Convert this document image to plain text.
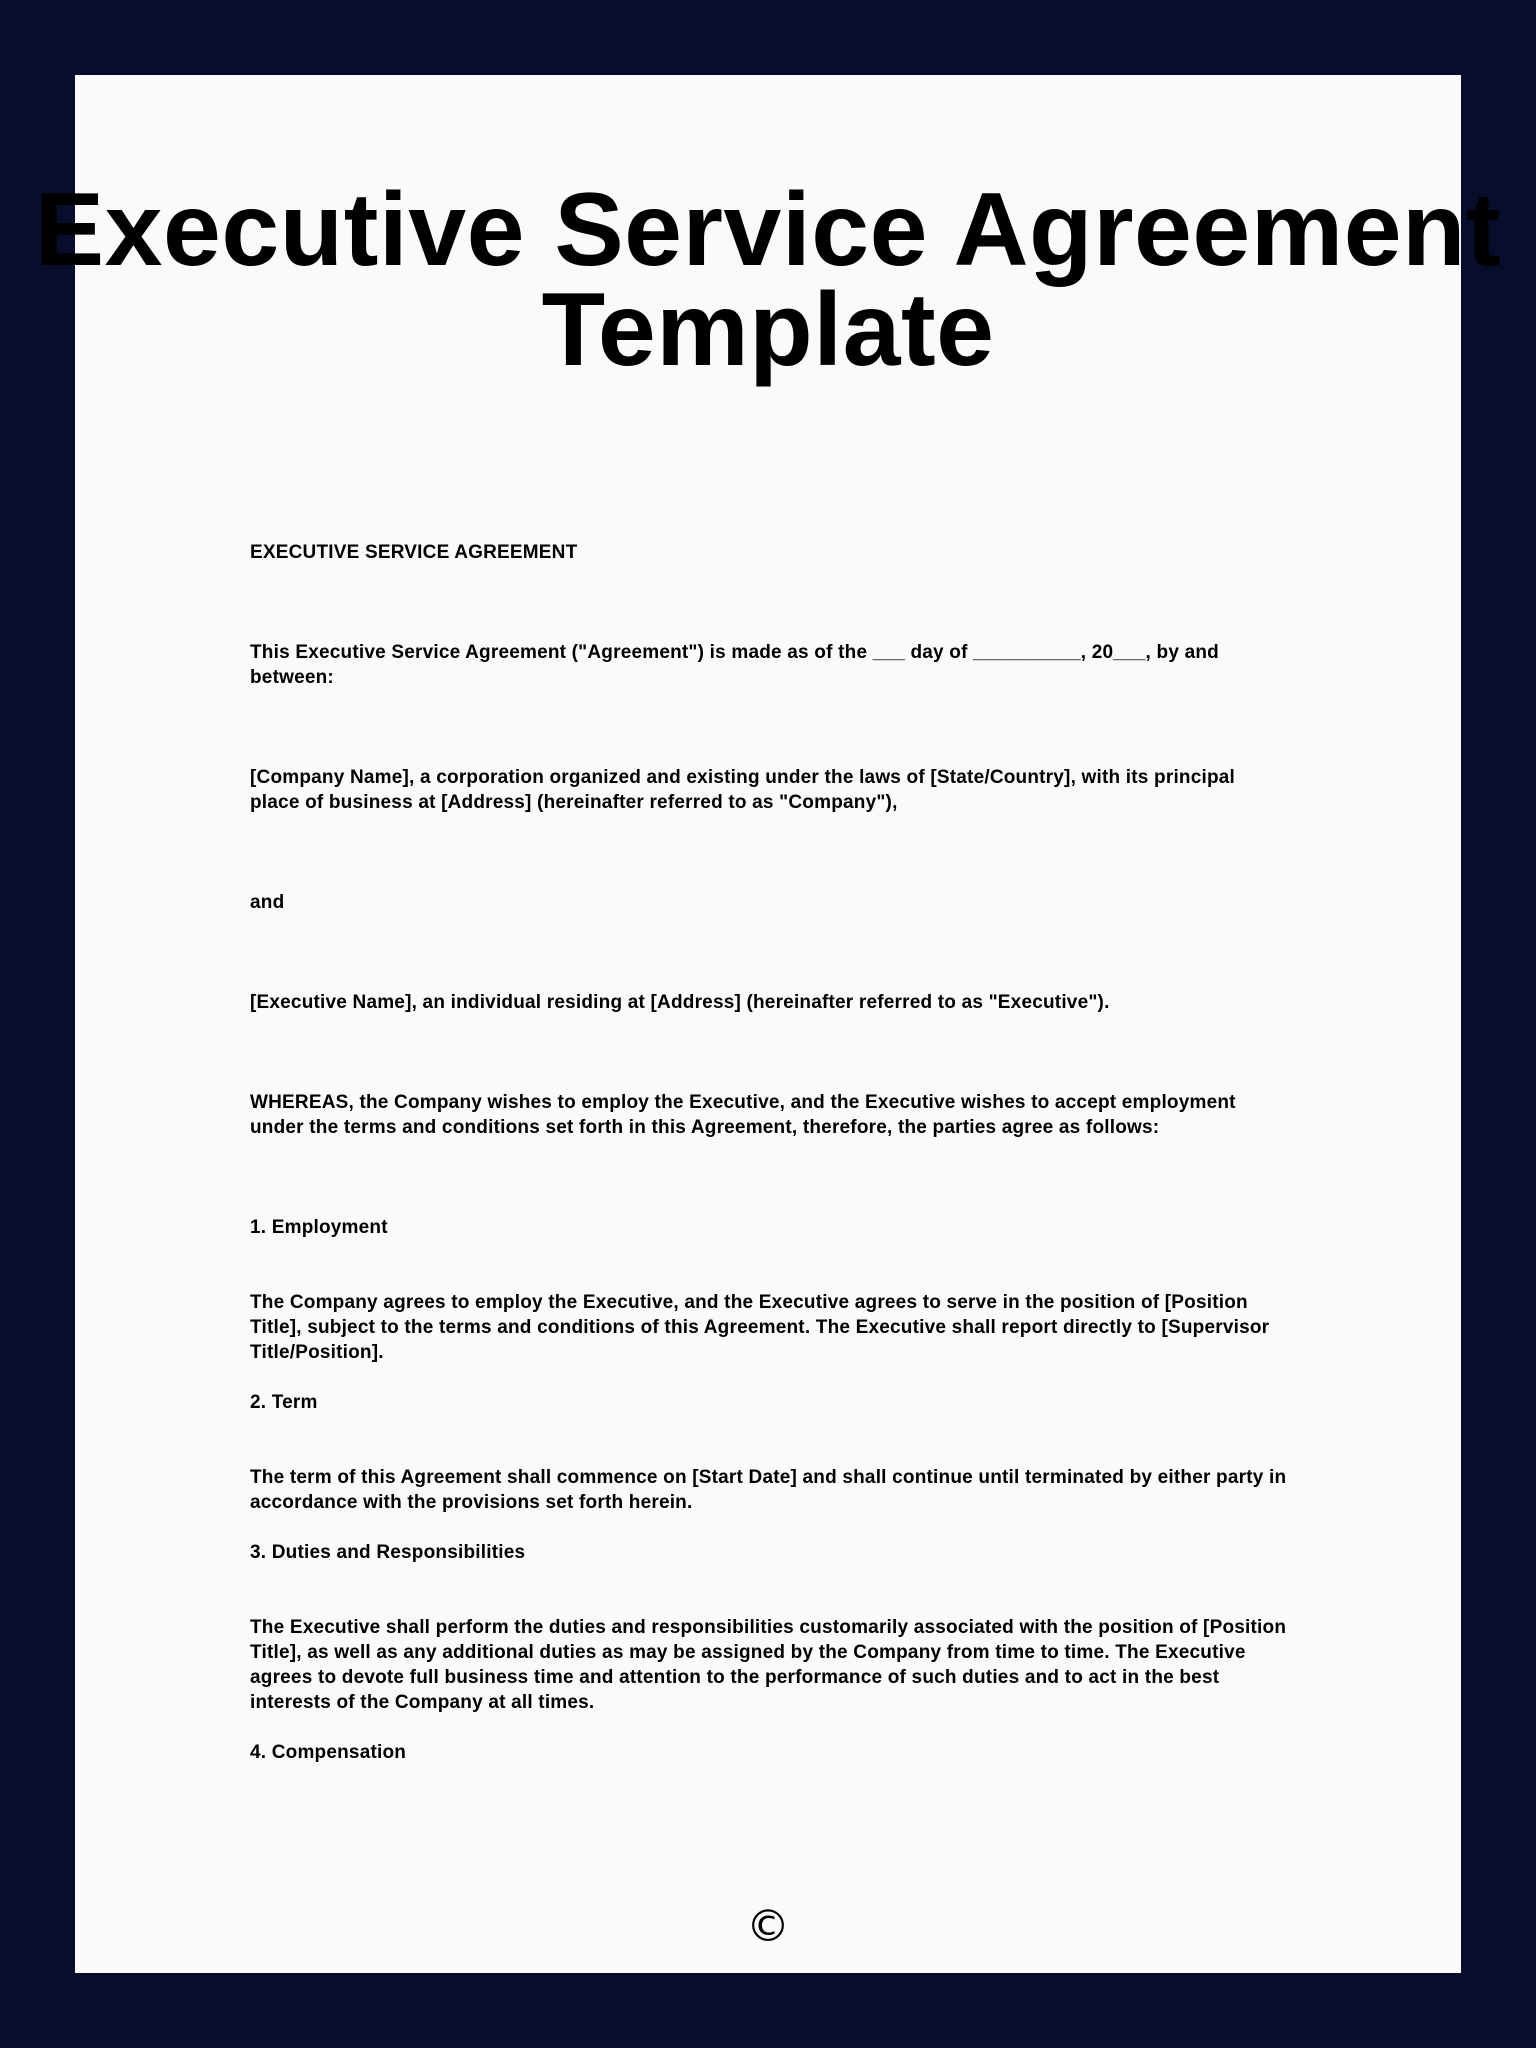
Executive Service Agreement
Template

EXECUTIVE SERVICE AGREEMENT

This Executive Service Agreement ("Agreement") is made as of the ___ day of __________, 20___, by and between:

[Company Name], a corporation organized and existing under the laws of [State/Country], with its principal place of business at [Address] (hereinafter referred to as "Company"),

and

[Executive Name], an individual residing at [Address] (hereinafter referred to as "Executive").

WHEREAS, the Company wishes to employ the Executive, and the Executive wishes to accept employment under the terms and conditions set forth in this Agreement, therefore, the parties agree as follows:

1. Employment

The Company agrees to employ the Executive, and the Executive agrees to serve in the position of [Position Title], subject to the terms and conditions of this Agreement. The Executive shall report directly to [Supervisor Title/Position].

2. Term

The term of this Agreement shall commence on [Start Date] and shall continue until terminated by either party in accordance with the provisions set forth herein.

3. Duties and Responsibilities

The Executive shall perform the duties and responsibilities customarily associated with the position of [Position Title], as well as any additional duties as may be assigned by the Company from time to time. The Executive agrees to devote full business time and attention to the performance of such duties and to act in the best interests of the Company at all times.

4. Compensation

©
